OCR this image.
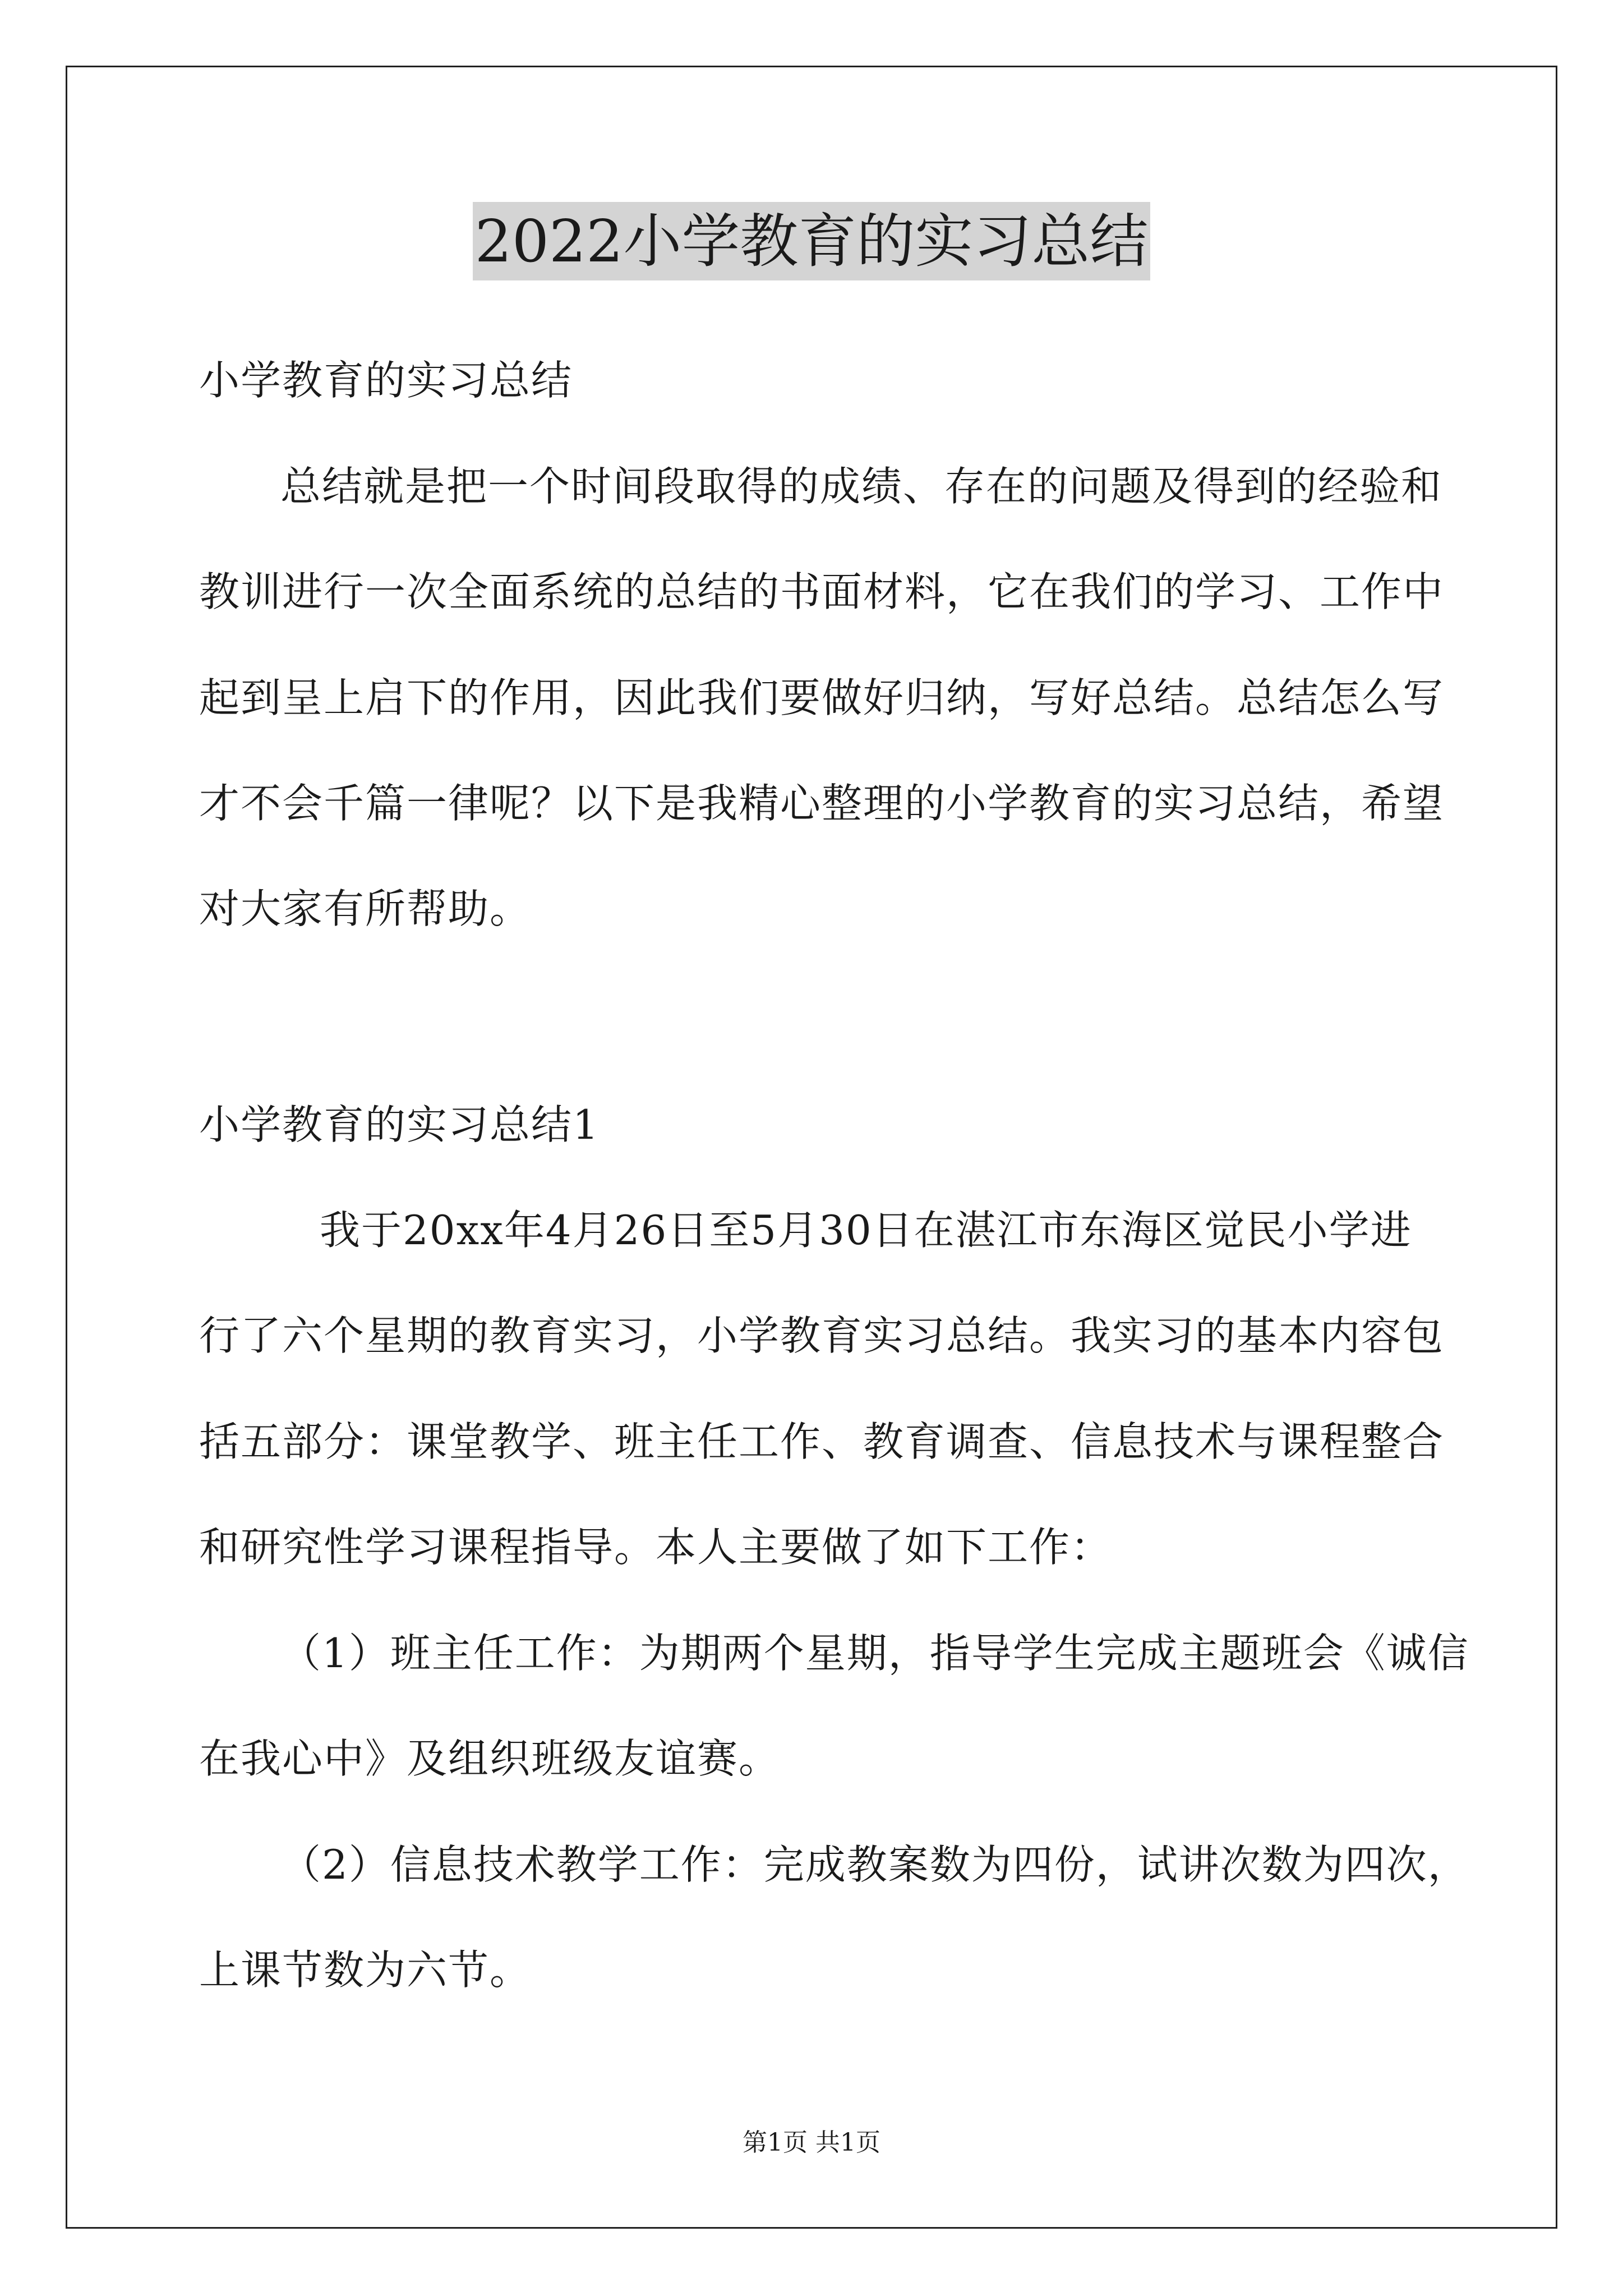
2022小学教育的实习总结
小学教育的实习总结
总结就是把一个时间段取得的成绩、存在的问题及得到的经验和
教训进行一次全面系统的总结的书面材料，它在我们的学习、工作中
起到呈上启下的作用，因此我们要做好归纳，写好总结。总结怎么写
才不会千篇一律呢？以下是我精心整理的小学教育的实习总结，希望
对大家有所帮助。
小学教育的实习总结1
我于20xx年4月26日至5月30日在湛江市东海区觉民小学进
行了六个星期的教育实习，小学教育实习总结。我实习的基本内容包
括五部分：课堂教学、班主任工作、教育调查、信息技术与课程整合
和研究性学习课程指导。本人主要做了如下工作：
（1）班主任工作：为期两个星期，指导学生完成主题班会《诚信
在我心中》及组织班级友谊赛。
（2）信息技术教学工作：完成教案数为四份，试讲次数为四次，
上课节数为六节。
第1页 共1页
